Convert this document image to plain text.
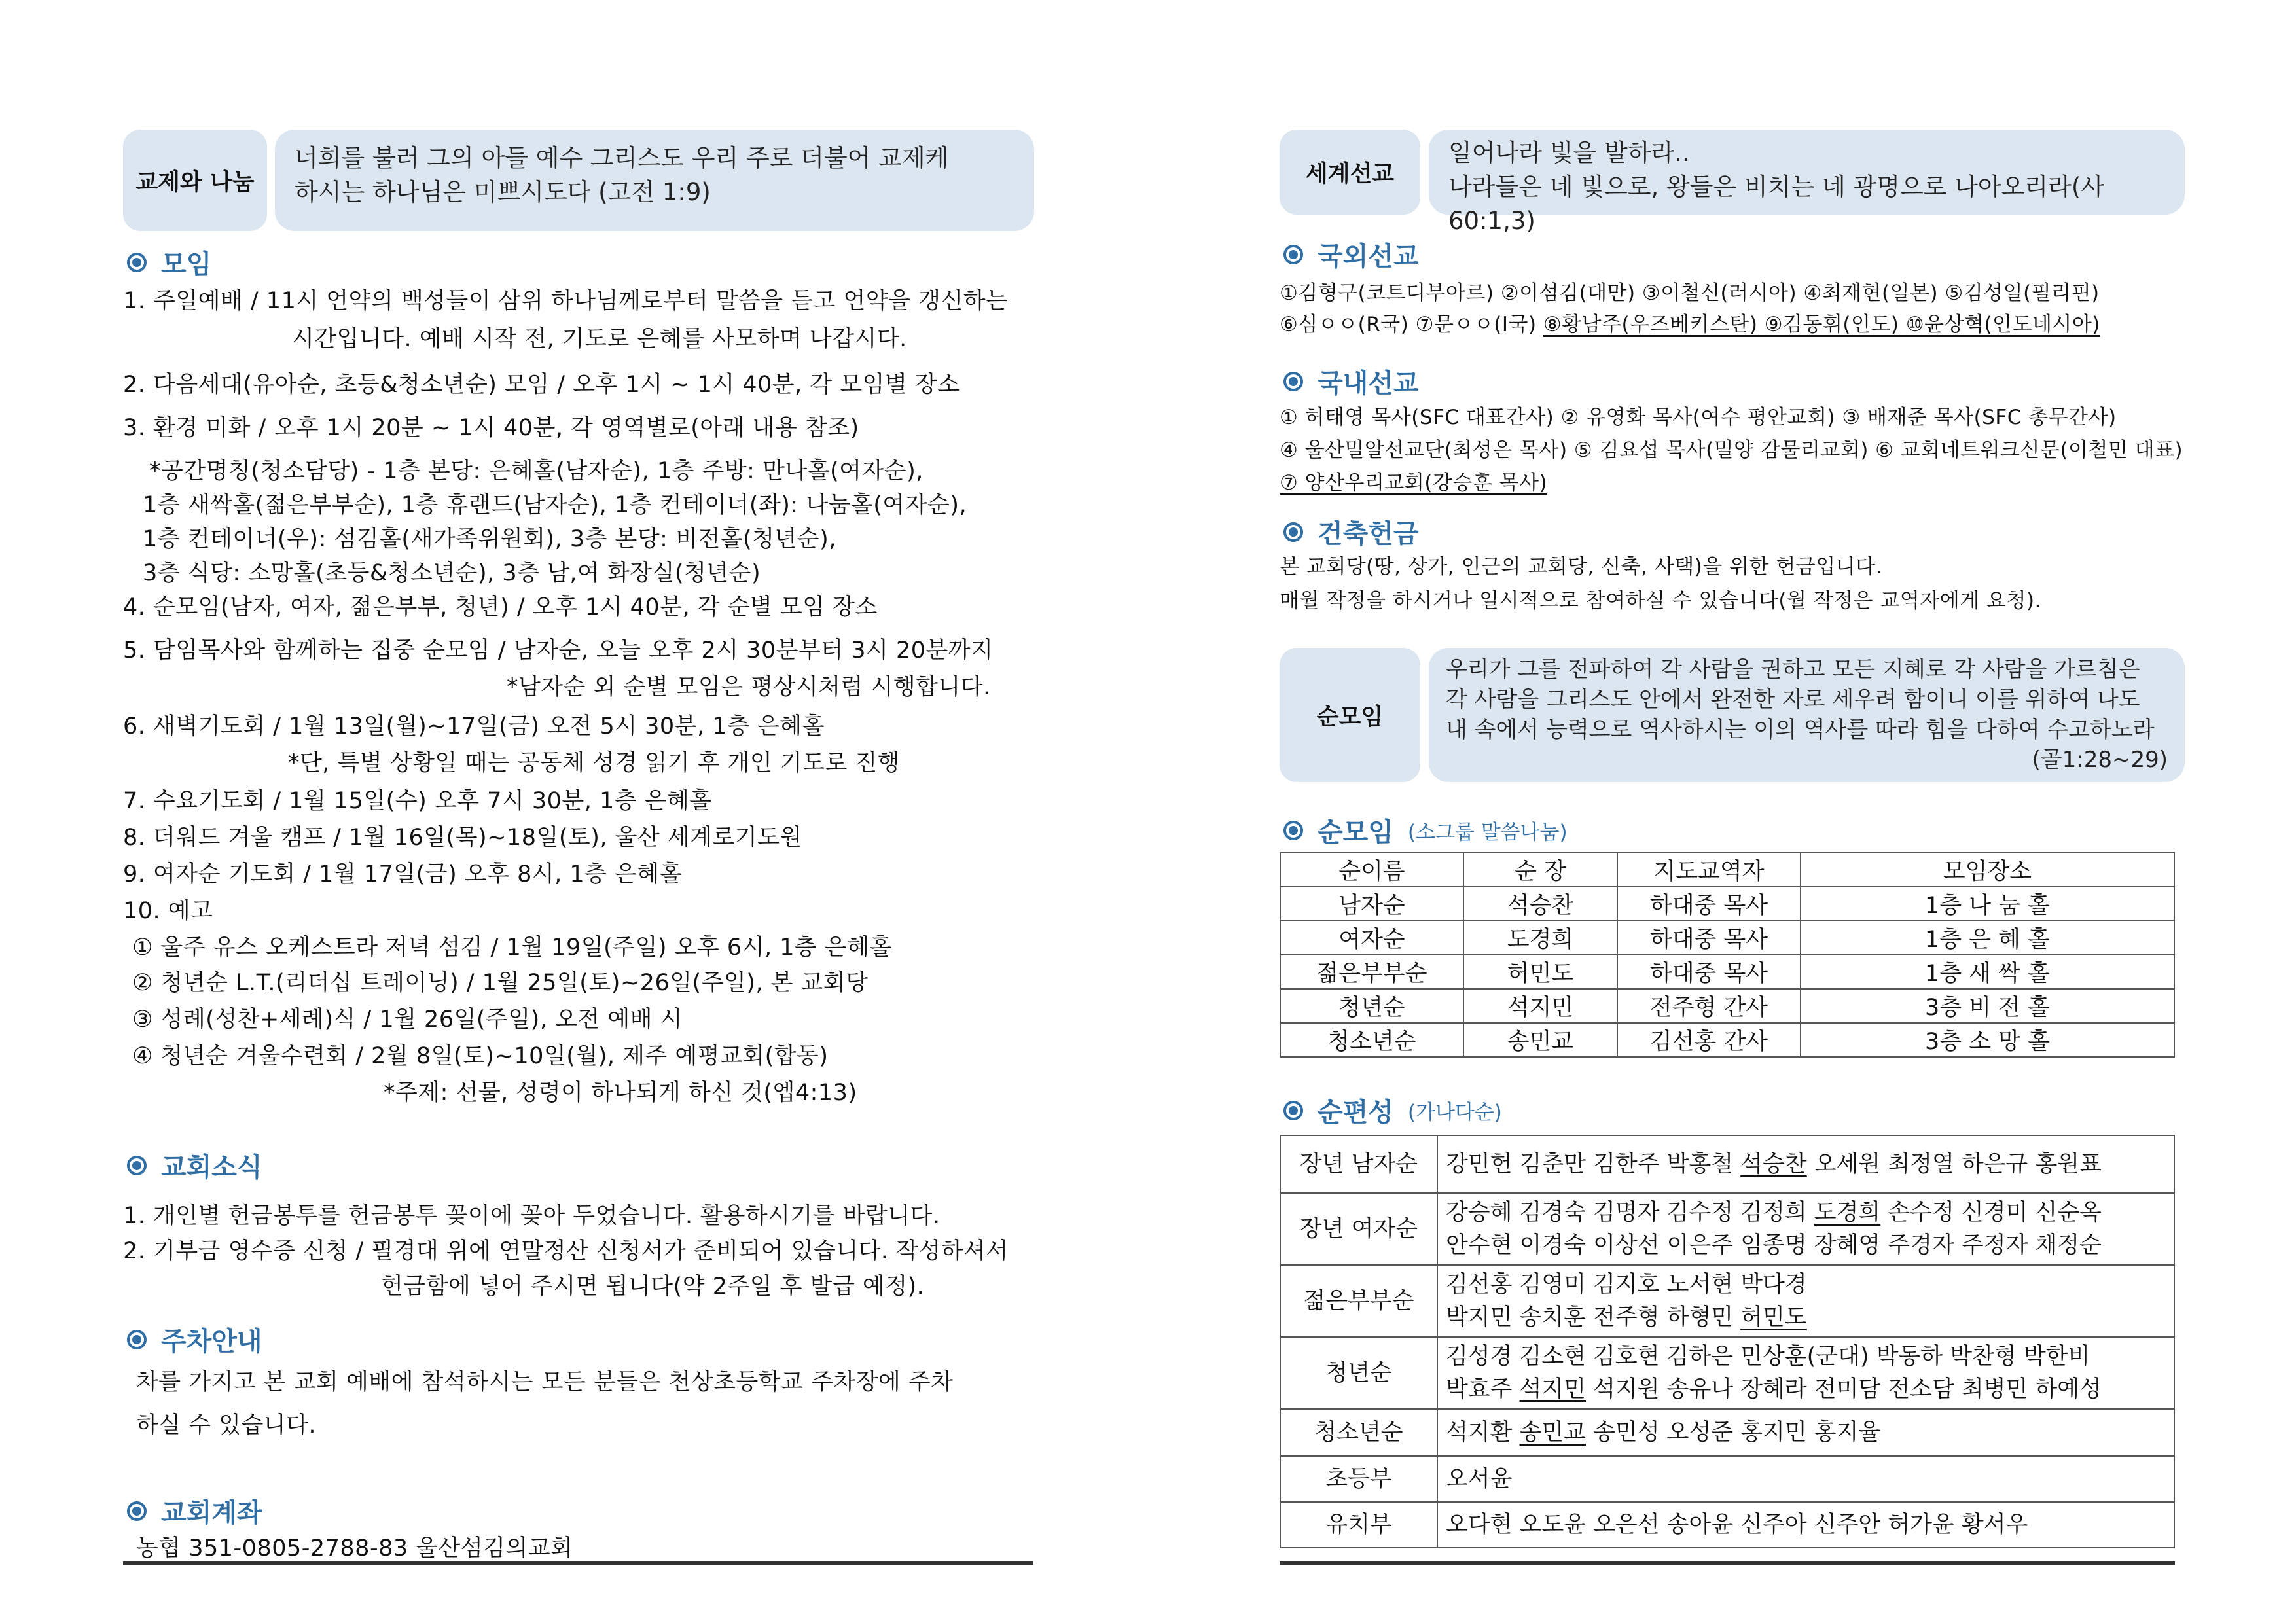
교제와 나눔
너희를 불러 그의 아들 예수 그리스도 우리 주로 더불어 교제케
하시는 하나님은 미쁘시도다 (고전 1:9)
모임
1. 주일예배 / 11시 언약의 백성들이 삼위 하나님께로부터 말씀을 듣고 언약을 갱신하는
시간입니다. 예배 시작 전, 기도로 은혜를 사모하며 나갑시다.
2. 다음세대(유아순, 초등&청소년순) 모임 / 오후 1시 ~ 1시 40분, 각 모임별 장소
3. 환경 미화 / 오후 1시 20분 ~ 1시 40분, 각 영역별로(아래 내용 참조)
*공간명칭(청소담당) - 1층 본당: 은혜홀(남자순), 1층 주방: 만나홀(여자순),
1층 새싹홀(젊은부부순), 1층 휴랜드(남자순), 1층 컨테이너(좌): 나눔홀(여자순),
1층 컨테이너(우): 섬김홀(새가족위원회), 3층 본당: 비전홀(청년순),
3층 식당: 소망홀(초등&청소년순), 3층 남,여 화장실(청년순)
4. 순모임(남자, 여자, 젊은부부, 청년) / 오후 1시 40분, 각 순별 모임 장소
5. 담임목사와 함께하는 집중 순모임 / 남자순, 오늘 오후 2시 30분부터 3시 20분까지
*남자순 외 순별 모임은 평상시처럼 시행합니다.
6. 새벽기도회 / 1월 13일(월)~17일(금) 오전 5시 30분, 1층 은혜홀
*단, 특별 상황일 때는 공동체 성경 읽기 후 개인 기도로 진행
7. 수요기도회 / 1월 15일(수) 오후 7시 30분, 1층 은혜홀
8. 더워드 겨울 캠프 / 1월 16일(목)~18일(토), 울산 세계로기도원
9. 여자순 기도회 / 1월 17일(금) 오후 8시, 1층 은혜홀
10. 예고
① 울주 유스 오케스트라 저녁 섬김 / 1월 19일(주일) 오후 6시, 1층 은혜홀
② 청년순 L.T.(리더십 트레이닝) / 1월 25일(토)~26일(주일), 본 교회당
③ 성례(성찬+세례)식 / 1월 26일(주일), 오전 예배 시
④ 청년순 겨울수련회 / 2월 8일(토)~10일(월), 제주 예평교회(합동)
*주제: 선물, 성령이 하나되게 하신 것(엡4:13)
교회소식
1. 개인별 헌금봉투를 헌금봉투 꽂이에 꽂아 두었습니다. 활용하시기를 바랍니다.
2. 기부금 영수증 신청 / 필경대 위에 연말정산 신청서가 준비되어 있습니다. 작성하셔서
헌금함에 넣어 주시면 됩니다(약 2주일 후 발급 예정).
주차안내
차를 가지고 본 교회 예배에 참석하시는 모든 분들은 천상초등학교 주차장에 주차
하실 수 있습니다.
교회계좌
농협 351-0805-2788-83 울산섬김의교회
세계선교
일어나라 빛을 발하라..
나라들은 네 빛으로, 왕들은 비치는 네 광명으로 나아오리라(사60:1,3)
국외선교
①김형구(코트디부아르) ②이섬김(대만) ③이철신(러시아) ④최재현(일본) ⑤김성일(필리핀)
⑥심ㅇㅇ(R국) ⑦문ㅇㅇ(I국) ⑧황남주(우즈베키스탄) ⑨김동휘(인도) ⑩윤상혁(인도네시아)
국내선교
① 허태영 목사(SFC 대표간사) ② 유영화 목사(여수 평안교회) ③ 배재준 목사(SFC 총무간사)
④ 울산밀알선교단(최성은 목사) ⑤ 김요섭 목사(밀양 감물리교회) ⑥ 교회네트워크신문(이철민 대표)
⑦ 양산우리교회(강승훈 목사)
건축헌금
본 교회당(땅, 상가, 인근의 교회당, 신축, 사택)을 위한 헌금입니다.
매월 작정을 하시거나 일시적으로 참여하실 수 있습니다(월 작정은 교역자에게 요청).
순모임
우리가 그를 전파하여 각 사람을 권하고 모든 지혜로 각 사람을 가르침은
각 사람을 그리스도 안에서 완전한 자로 세우려 함이니 이를 위하여 나도
내 속에서 능력으로 역사하시는 이의 역사를 따라 힘을 다하여 수고하노라
(골1:28~29)
순모임 (소그룹 말씀나눔)
순이름	순 장	지도교역자	모임장소
남자순	석승찬	하대중 목사	1층 나 눔 홀
여자순	도경희	하대중 목사	1층 은 혜 홀
젊은부부순	허민도	하대중 목사	1층 새 싹 홀
청년순	석지민	전주형 간사	3층 비 전 홀
청소년순	송민교	김선홍 간사	3층 소 망 홀
순편성 (가나다순)
장년 남자순	강민헌 김춘만 김한주 박홍철 석승찬 오세원 최정열 하은규 홍원표
장년 여자순	강승혜 김경숙 김명자 김수정 김정희 도경희 손수정 신경미 신순옥
안수현 이경숙 이상선 이은주 임종명 장혜영 주경자 주정자 채정순

젊은부부순	김선홍 김영미 김지호 노서현 박다경
박지민 송치훈 전주형 하형민 허민도

청년순	김성경 김소현 김호현 김하은 민상훈(군대) 박동하 박찬형 박한비
박효주 석지민 석지원 송유나 장혜라 전미담 전소담 최병민 하예성

청소년순	석지환 송민교 송민성 오성준 홍지민 홍지율
초등부	오서윤
유치부	오다현 오도윤 오은선 송아윤 신주아 신주안 허가윤 황서우
